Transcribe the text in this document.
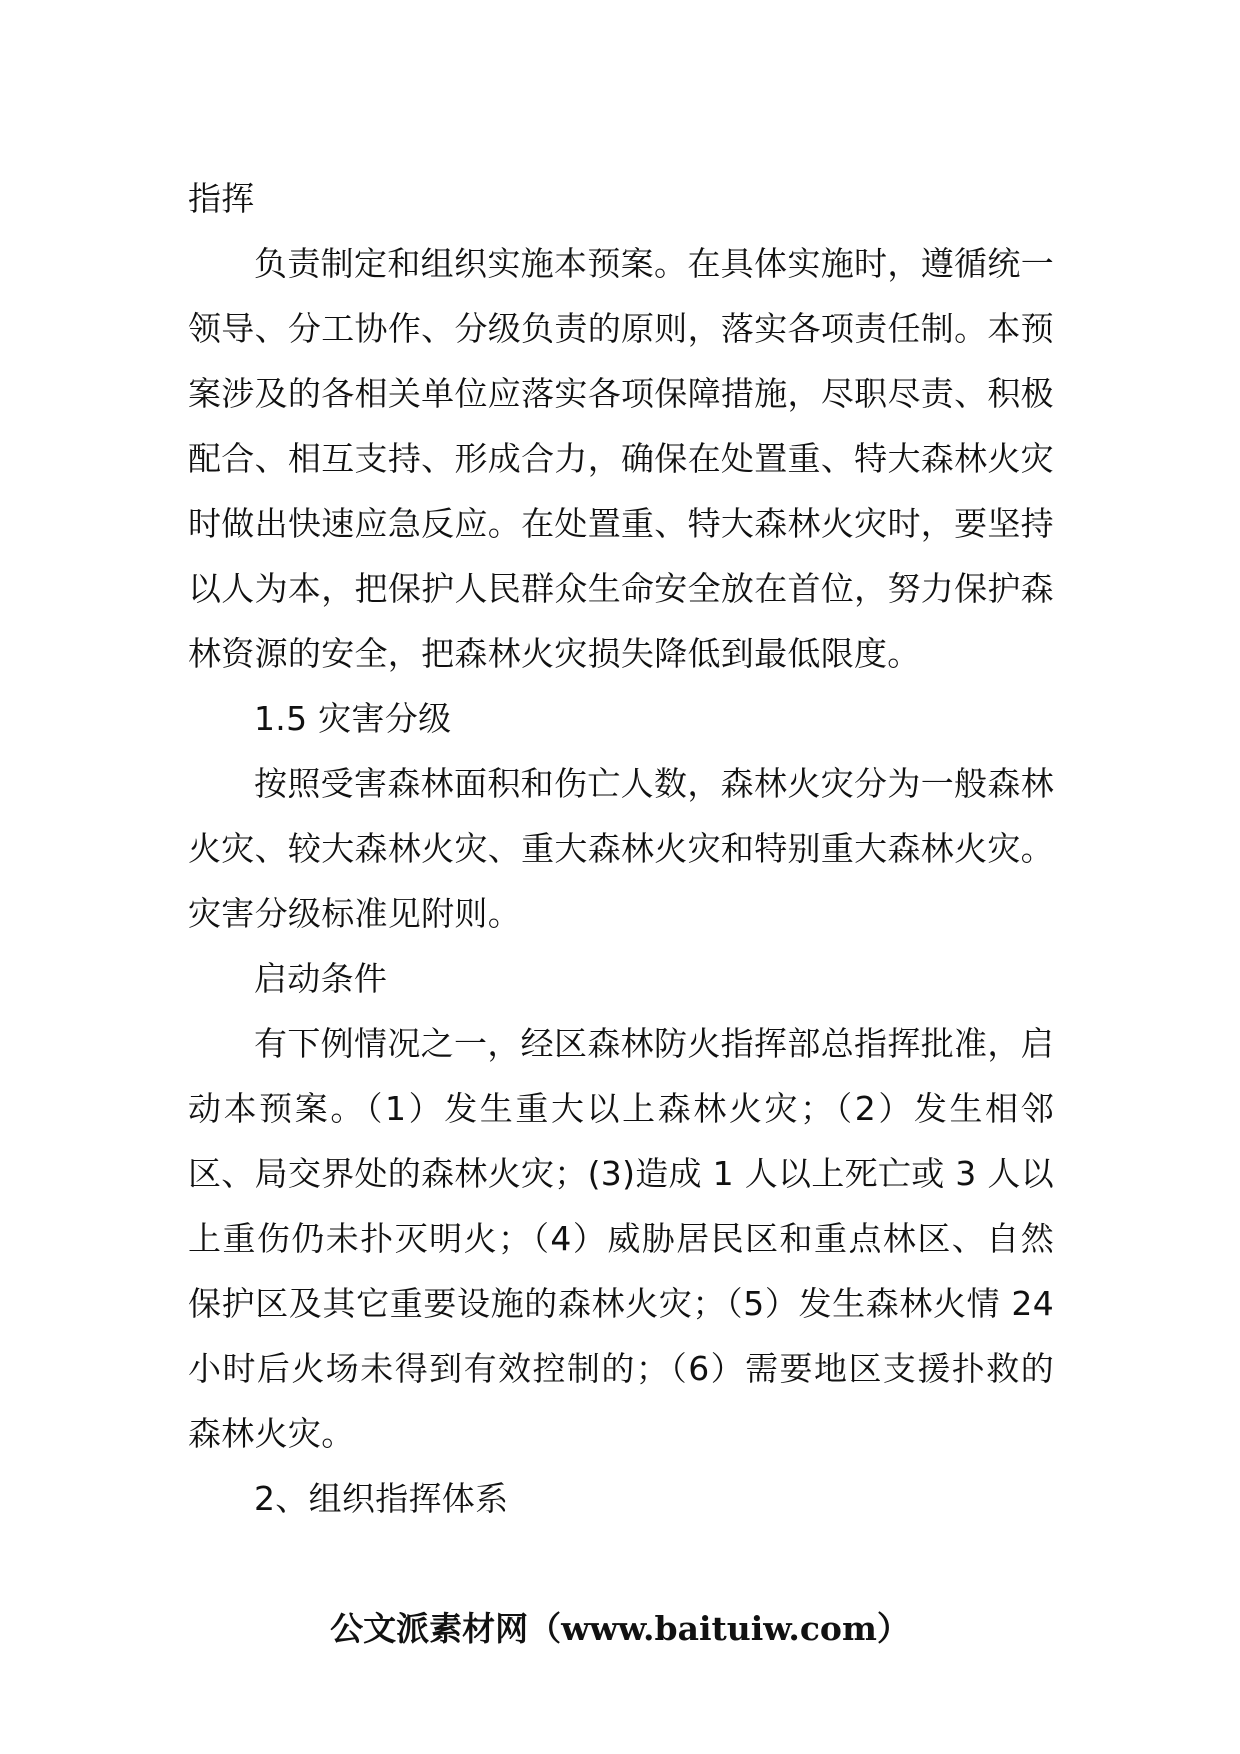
指挥

负责制定和组织实施本预案。在具体实施时，遵循统一领导、分工协作、分级负责的原则，落实各项责任制。本预案涉及的各相关单位应落实各项保障措施，尽职尽责、积极配合、相互支持、形成合力，确保在处置重、特大森林火灾时做出快速应急反应。在处置重、特大森林火灾时，要坚持以人为本，把保护人民群众生命安全放在首位，努力保护森林资源的安全，把森林火灾损失降低到最低限度。

1.5 灾害分级

按照受害森林面积和伤亡人数，森林火灾分为一般森林火灾、较大森林火灾、重大森林火灾和特别重大森林火灾。灾害分级标准见附则。

启动条件

有下例情况之一，经区森林防火指挥部总指挥批准，启动本预案。（1）发生重大以上森林火灾；（2）发生相邻区、局交界处的森林火灾；(3)造成 1 人以上死亡或 3 人以上重伤仍未扑灭明火；（4）威胁居民区和重点林区、自然保护区及其它重要设施的森林火灾；（5）发生森林火情 24 小时后火场未得到有效控制的；（6）需要地区支援扑救的森林火灾。

2、组织指挥体系

公文派素材网（www.baituiw.com）
